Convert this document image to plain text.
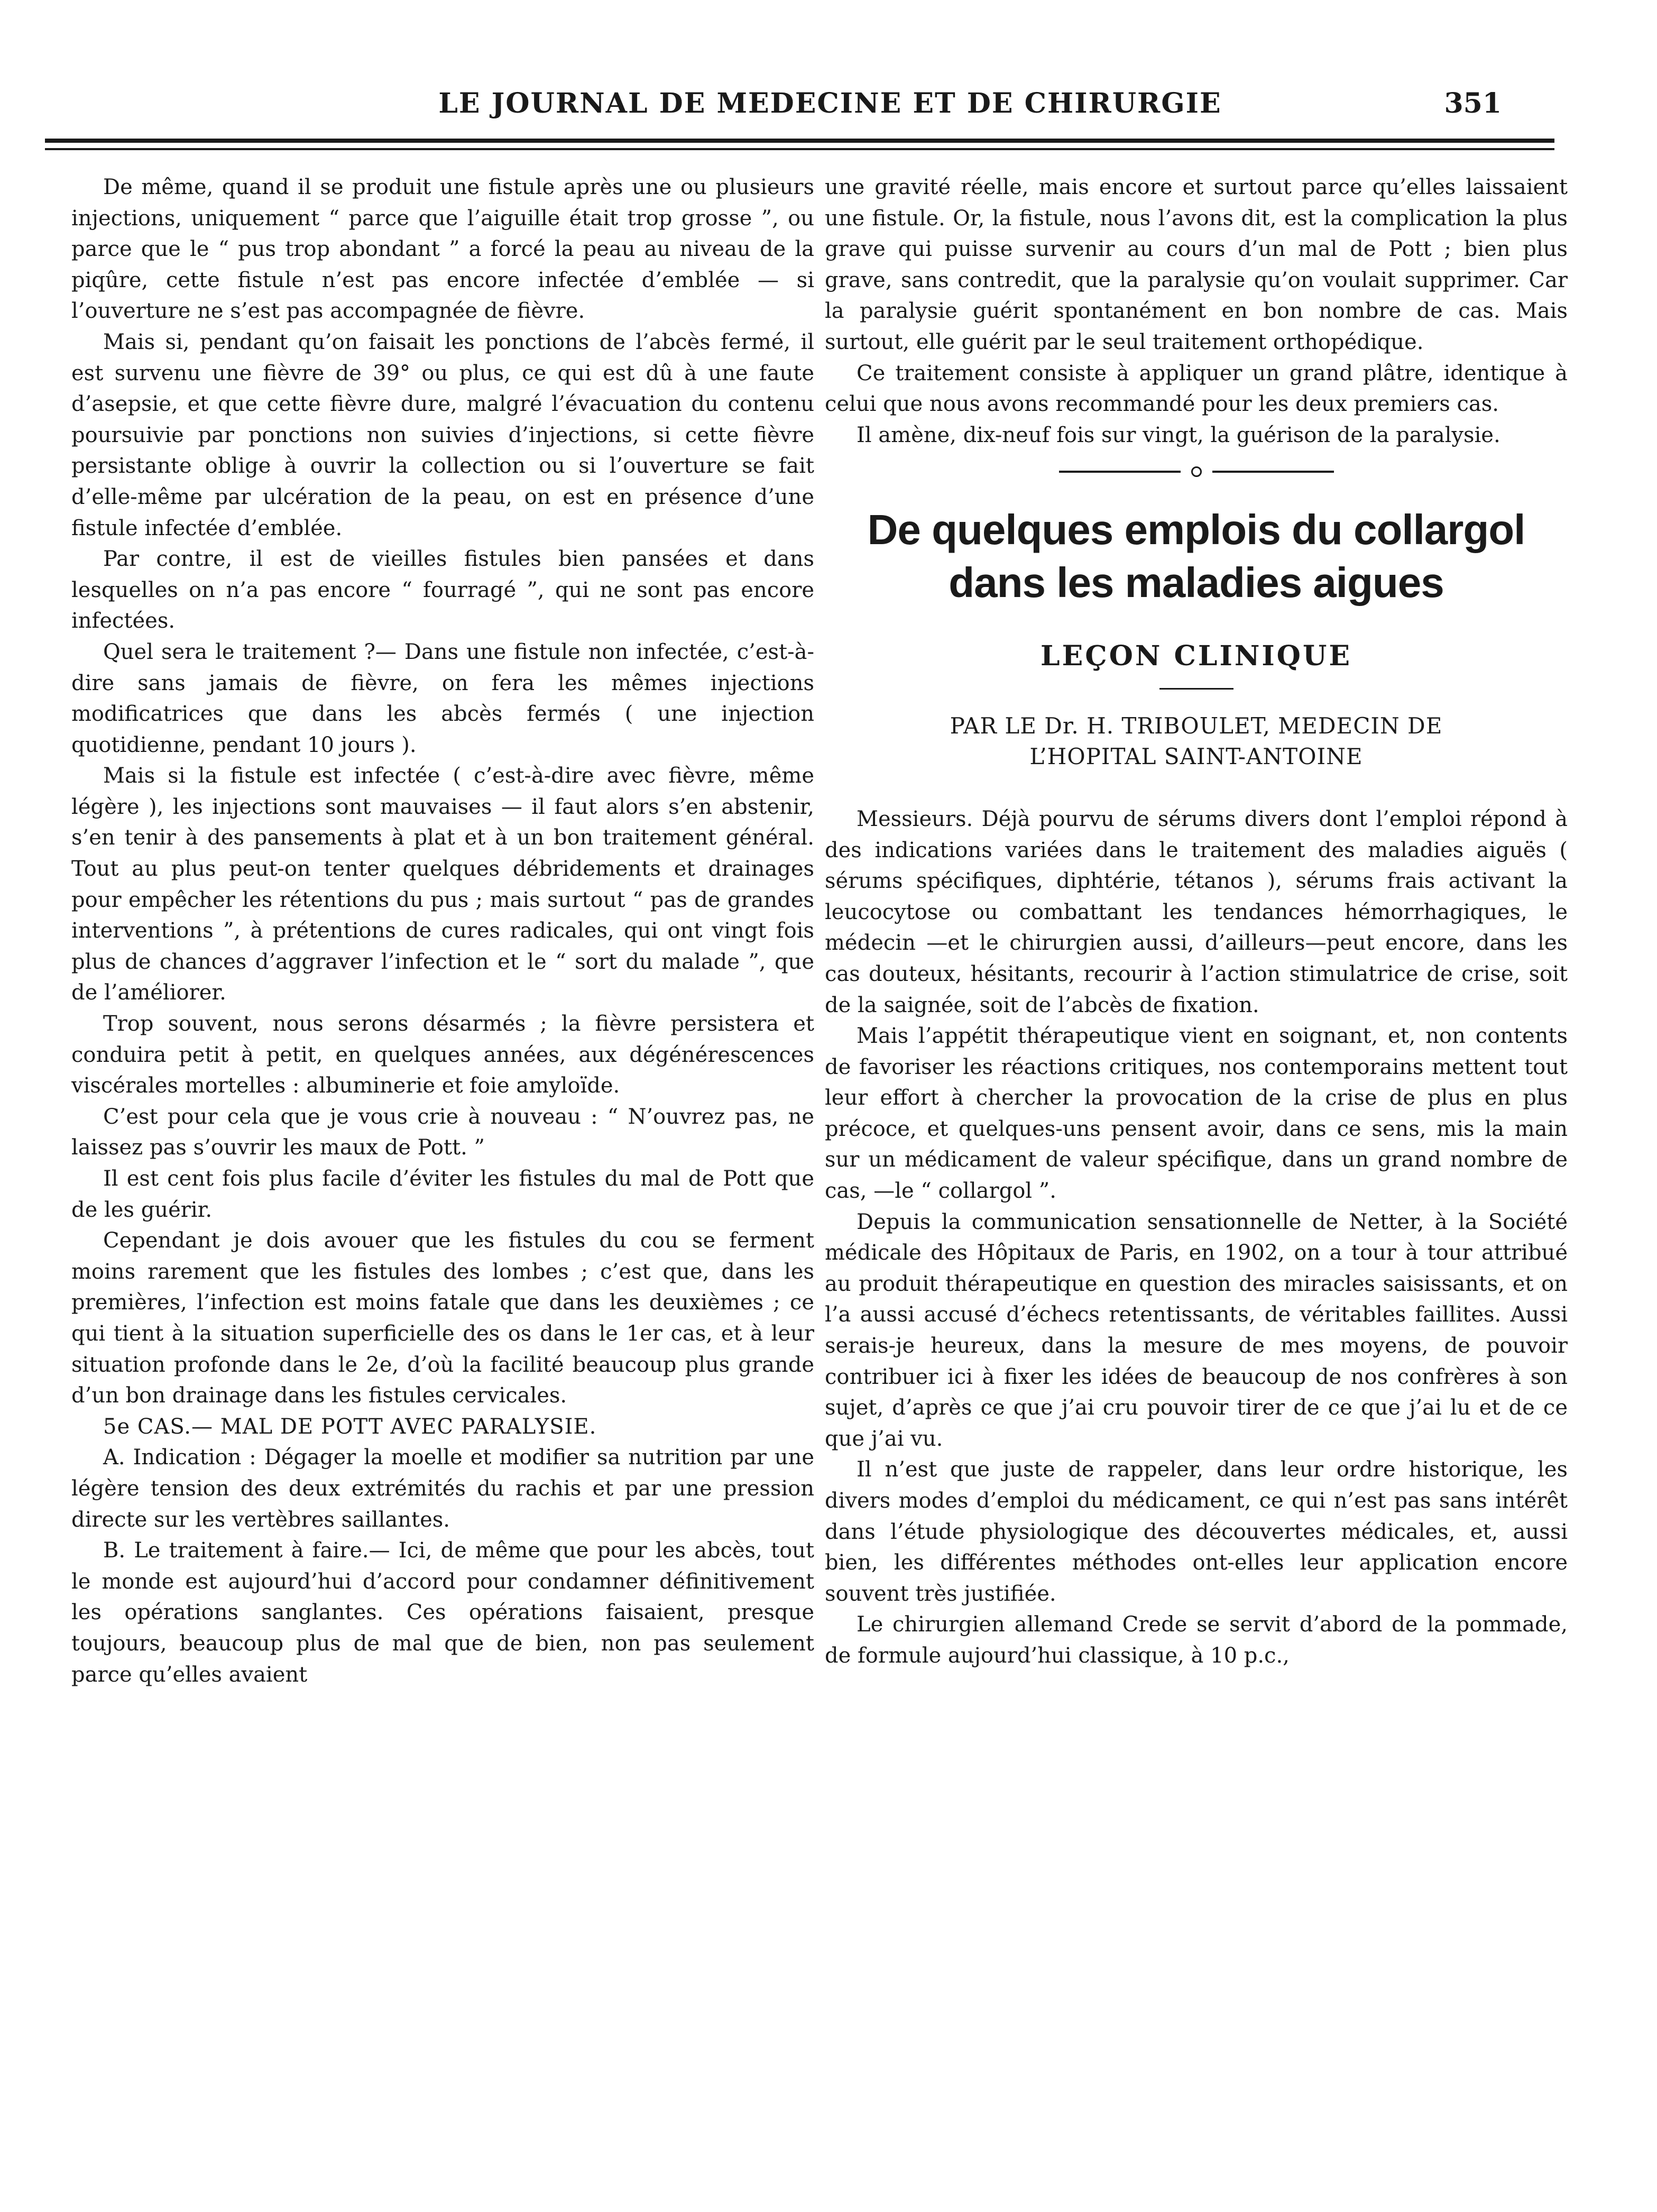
LE JOURNAL DE MEDECINE ET DE CHIRURGIE	351

De même, quand il se produit une fistule après une ou plusieurs injections, uniquement “ parce que l’aiguille était trop grosse ”, ou parce que le “ pus trop abondant ” a forcé la peau au niveau de la piqûre, cette fistule n’est pas encore infectée d’emblée — si l’ouverture ne s’est pas accompagnée de fièvre.

Mais si, pendant qu’on faisait les ponctions de l’abcès fermé, il est survenu une fièvre de 39° ou plus, ce qui est dû à une faute d’asepsie, et que cette fièvre dure, malgré l’évacuation du contenu poursuivie par ponctions non suivies d’injections, si cette fièvre persistante oblige à ouvrir la collection ou si l’ouverture se fait d’elle-même par ulcération de la peau, on est en présence d’une fistule infectée d’emblée.

Par contre, il est de vieilles fistules bien pansées et dans lesquelles on n’a pas encore “ fourragé ”, qui ne sont pas encore infectées.

Quel sera le traitement ?— Dans une fistule non infectée, c’est-à-dire sans jamais de fièvre, on fera les mêmes injections modificatrices que dans les abcès fermés ( une injection quotidienne, pendant 10 jours ).

Mais si la fistule est infectée ( c’est-à-dire avec fièvre, même légère ), les injections sont mauvaises — il faut alors s’en abstenir, s’en tenir à des pansements à plat et à un bon traitement général. Tout au plus peut-on tenter quelques débridements et drainages pour empêcher les rétentions du pus ; mais surtout “ pas de grandes interventions ”, à prétentions de cures radicales, qui ont vingt fois plus de chances d’aggraver l’infection et le “ sort du malade ”, que de l’améliorer.

Trop souvent, nous serons désarmés ; la fièvre persistera et conduira petit à petit, en quelques années, aux dégénérescences viscérales mortelles : albuminerie et foie amyloïde.

C’est pour cela que je vous crie à nouveau : “ N’ouvrez pas, ne laissez pas s’ouvrir les maux de Pott. ”

Il est cent fois plus facile d’éviter les fistules du mal de Pott que de les guérir.

Cependant je dois avouer que les fistules du cou se ferment moins rarement que les fistules des lombes ; c’est que, dans les premières, l’infection est moins fatale que dans les deuxièmes ; ce qui tient à la situation superficielle des os dans le 1er cas, et à leur situation profonde dans le 2e, d’où la facilité beaucoup plus grande d’un bon drainage dans les fistules cervicales.

5e CAS.— MAL DE POTT AVEC PARALYSIE.

A. Indication : Dégager la moelle et modifier sa nutrition par une légère tension des deux extrémités du rachis et par une pression directe sur les vertèbres saillantes.

B. Le traitement à faire.— Ici, de même que pour les abcès, tout le monde est aujourd’hui d’accord pour condamner définitivement les opérations sanglantes. Ces opérations faisaient, presque toujours, beaucoup plus de mal que de bien, non pas seulement parce qu’elles avaient

une gravité réelle, mais encore et surtout parce qu’elles laissaient une fistule. Or, la fistule, nous l’avons dit, est la complication la plus grave qui puisse survenir au cours d’un mal de Pott ; bien plus grave, sans contredit, que la paralysie qu’on voulait supprimer. Car la paralysie guérit spontanément en bon nombre de cas. Mais surtout, elle guérit par le seul traitement orthopédique.

Ce traitement consiste à appliquer un grand plâtre, identique à celui que nous avons recommandé pour les deux premiers cas.

Il amène, dix-neuf fois sur vingt, la guérison de la paralysie.

De quelques emplois du collargol dans les maladies aigues
LEÇON CLINIQUE
PAR LE Dr. H. TRIBOULET, MEDECIN DE
L’HOPITAL SAINT-ANTOINE

Messieurs. Déjà pourvu de sérums divers dont l’emploi répond à des indications variées dans le traitement des maladies aiguës ( sérums spécifiques, diphtérie, tétanos ), sérums frais activant la leucocytose ou combattant les tendances hémorrhagiques, le médecin —et le chirurgien aussi, d’ailleurs—peut encore, dans les cas douteux, hésitants, recourir à l’action stimulatrice de crise, soit de la saignée, soit de l’abcès de fixation.

Mais l’appétit thérapeutique vient en soignant, et, non contents de favoriser les réactions critiques, nos contemporains mettent tout leur effort à chercher la provocation de la crise de plus en plus précoce, et quelques-uns pensent avoir, dans ce sens, mis la main sur un médicament de valeur spécifique, dans un grand nombre de cas, —le “ collargol ”.

Depuis la communication sensationnelle de Netter, à la Société médicale des Hôpitaux de Paris, en 1902, on a tour à tour attribué au produit thérapeutique en question des miracles saisissants, et on l’a aussi accusé d’échecs retentissants, de véritables faillites. Aussi serais-je heureux, dans la mesure de mes moyens, de pouvoir contribuer ici à fixer les idées de beaucoup de nos confrères à son sujet, d’après ce que j’ai cru pouvoir tirer de ce que j’ai lu et de ce que j’ai vu.

Il n’est que juste de rappeler, dans leur ordre historique, les divers modes d’emploi du médicament, ce qui n’est pas sans intérêt dans l’étude physiologique des découvertes médicales, et, aussi bien, les différentes méthodes ont-elles leur application encore souvent très justifiée.

Le chirurgien allemand Crede se servit d’abord de la pommade, de formule aujourd’hui classique, à 10 p.c.,
